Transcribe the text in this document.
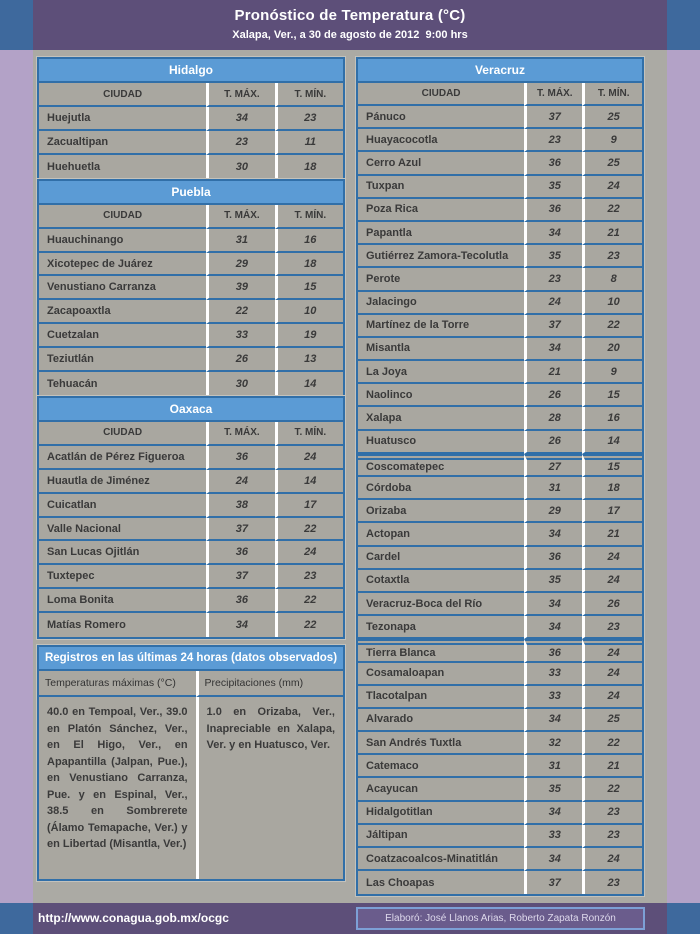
Pronóstico de Temperatura (°C)
Xalapa, Ver., a 30 de agosto de 2012  9:00 hrs
Hidalgo		
CIUDAD	T. MÁX.	T. MÍN.
Huejutla	34	23
Zacualtipan	23	11
Huehuetla	30	18
Puebla		
CIUDAD	T. MÁX.	T. MÍN.
Huauchinango	31	16
Xicotepec de Juárez	29	18
Venustiano Carranza	39	15
Zacapoaxtla	22	10
Cuetzalan	33	19
Teziutlán	26	13
Tehuacán	30	14
Oaxaca		
CIUDAD	T. MÁX.	T. MÍN.
Acatlán de Pérez Figueroa	36	24
Huautla de Jiménez	24	14
Cuicatlan	38	17
Valle Nacional	37	22
San Lucas Ojitlán	36	24
Tuxtepec	37	23
Loma Bonita	36	22
Matías Romero	34	22
Registros en las últimas 24 horas (datos observados)	
Temperaturas máximas (°C)	Precipitaciones (mm)
40.0 en Tempoal, Ver., 39.0 en Platón Sánchez, Ver., en El Higo, Ver., en Apapantilla (Jalpan, Pue.), en Venustiano Carranza, Pue. y en Espinal, Ver., 38.5 en Sombrerete (Álamo Temapache, Ver.) y en Libertad (Misantla, Ver.)	1.0 en Orizaba, Ver., Inapreciable en Xalapa, Ver. y en Huatusco, Ver.
Veracruz		
CIUDAD	T. MÁX.	T. MÍN.
Pánuco	37	25
Huayacocotla	23	9
Cerro Azul	36	25
Tuxpan	35	24
Poza Rica	36	22
Papantla	34	21
Gutiérrez Zamora-Tecolutla	35	23
Perote	23	8
Jalacingo	24	10
Martínez de la Torre	37	22
Misantla	34	20
La Joya	21	9
Naolinco	26	15
Xalapa	28	16
Huatusco	26	14
Coscomatepec	27	15
Córdoba	31	18
Orizaba	29	17
Actopan	34	21
Cardel	36	24
Cotaxtla	35	24
Veracruz-Boca del Río	34	26
Tezonapa	34	23
Tierra Blanca	36	24
Cosamaloapan	33	24
Tlacotalpan	33	24
Alvarado	34	25
San Andrés Tuxtla	32	22
Catemaco	31	21
Acayucan	35	22
Hidalgotitlan	34	23
Jáltipan	33	23
Coatzacoalcos-Minatitlán	34	24
Las Choapas	37	23
http://www.conagua.gob.mx/ocgc	Elaboró: José Llanos Arias, Roberto Zapata Ronzón
